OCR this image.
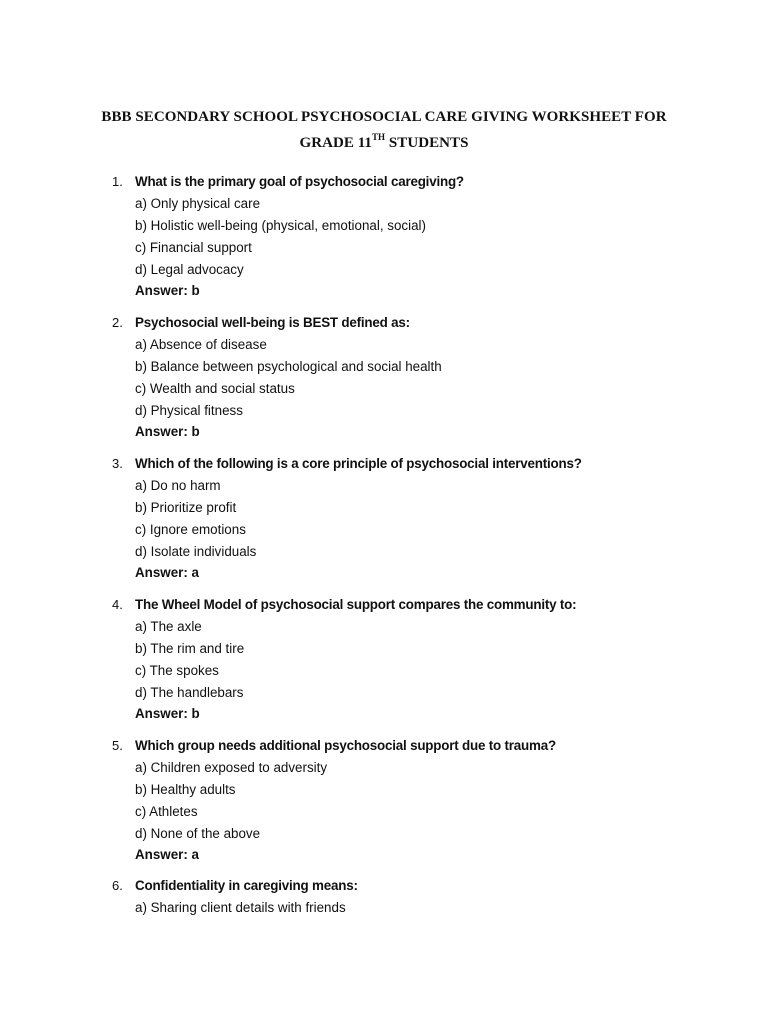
BBB SECONDARY SCHOOL PSYCHOSOCIAL CARE GIVING WORKSHEET FOR
GRADE 11TH STUDENTS
1. What is the primary goal of psychosocial caregiving?
a) Only physical care
b) Holistic well-being (physical, emotional, social)
c) Financial support
d) Legal advocacy
Answer: b
2. Psychosocial well-being is BEST defined as:
a) Absence of disease
b) Balance between psychological and social health
c) Wealth and social status
d) Physical fitness
Answer: b
3. Which of the following is a core principle of psychosocial interventions?
a) Do no harm
b) Prioritize profit
c) Ignore emotions
d) Isolate individuals
Answer: a
4. The Wheel Model of psychosocial support compares the community to:
a) The axle
b) The rim and tire
c) The spokes
d) The handlebars
Answer: b
5. Which group needs additional psychosocial support due to trauma?
a) Children exposed to adversity
b) Healthy adults
c) Athletes
d) None of the above
Answer: a
6. Confidentiality in caregiving means:
a) Sharing client details with friends
